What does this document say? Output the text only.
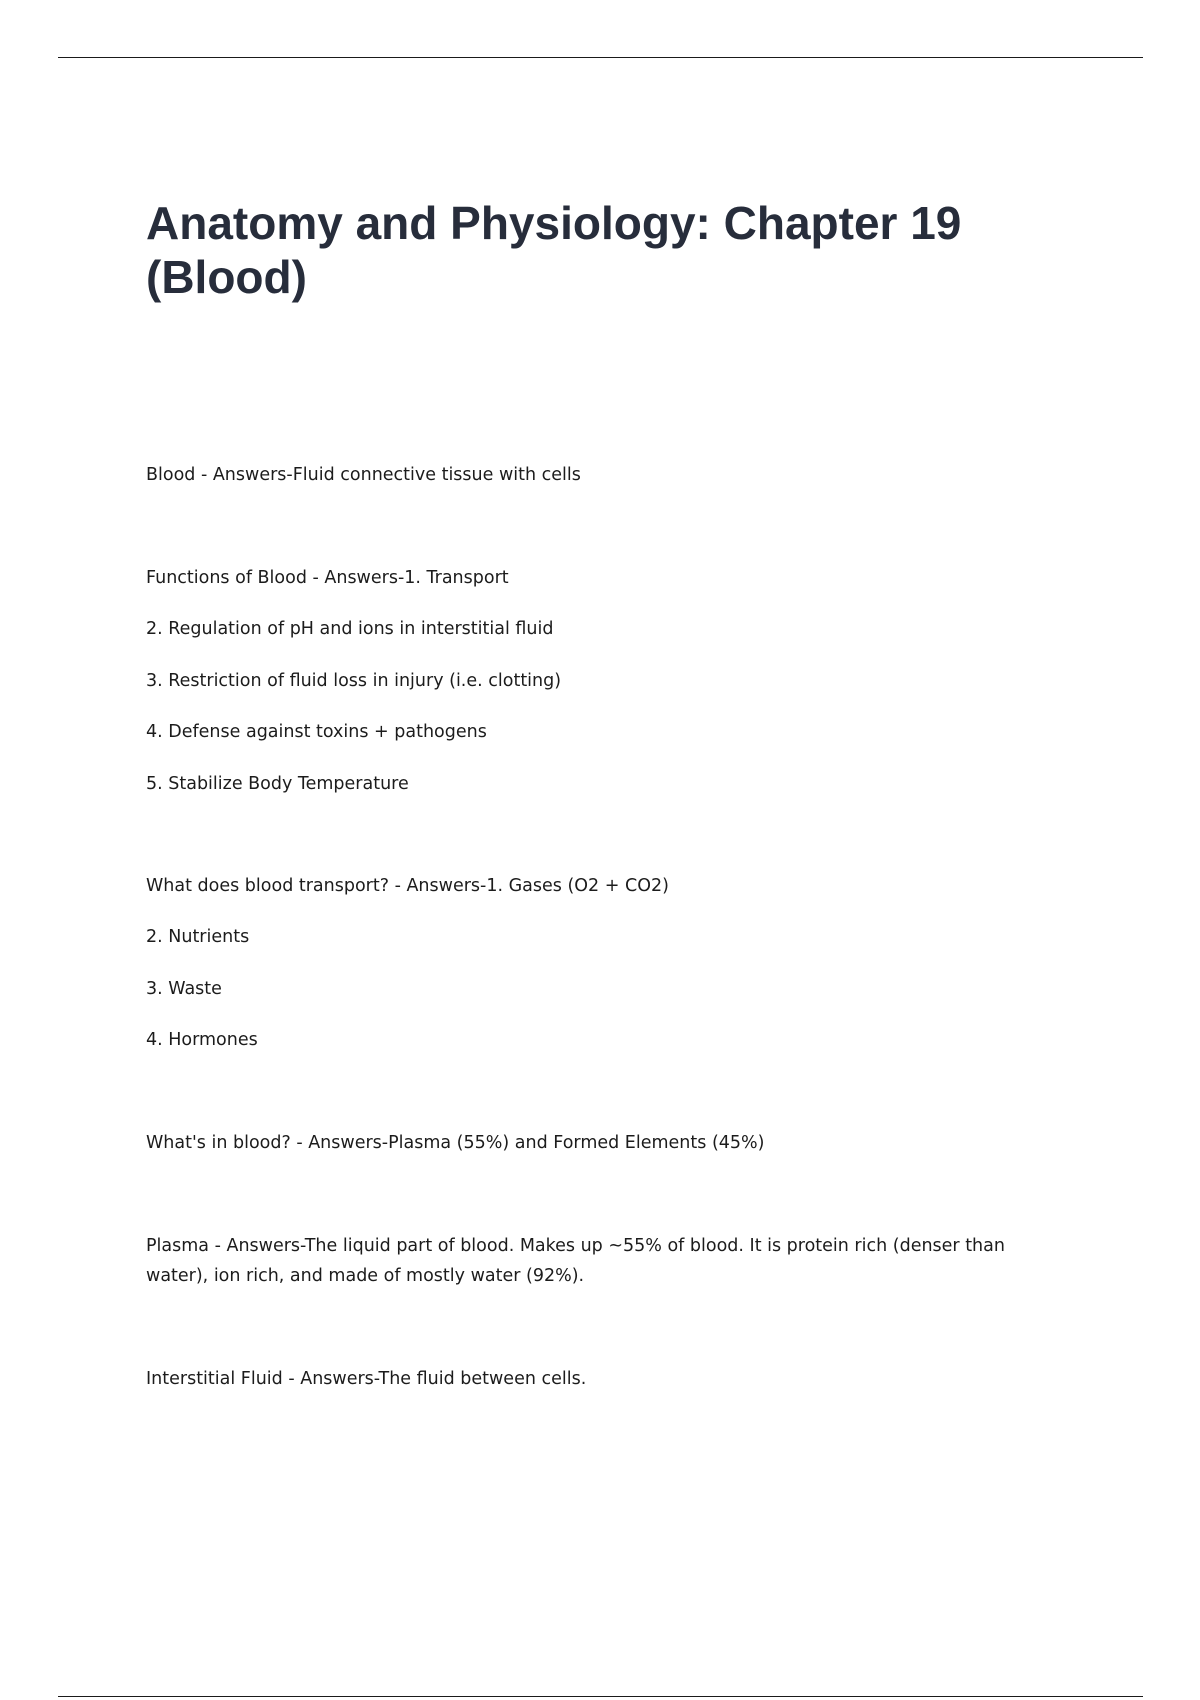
Anatomy and Physiology: Chapter 19 (Blood)

Blood - Answers-Fluid connective tissue with cells

Functions of Blood - Answers-1. Transport

2. Regulation of pH and ions in interstitial fluid

3. Restriction of fluid loss in injury (i.e. clotting)

4. Defense against toxins + pathogens

5. Stabilize Body Temperature

What does blood transport? - Answers-1. Gases (O2 + CO2)

2. Nutrients

3. Waste

4. Hormones

What's in blood? - Answers-Plasma (55%) and Formed Elements (45%)

Plasma - Answers-The liquid part of blood. Makes up ~55% of blood. It is protein rich (denser than water), ion rich, and made of mostly water (92%).

Interstitial Fluid - Answers-The fluid between cells.
